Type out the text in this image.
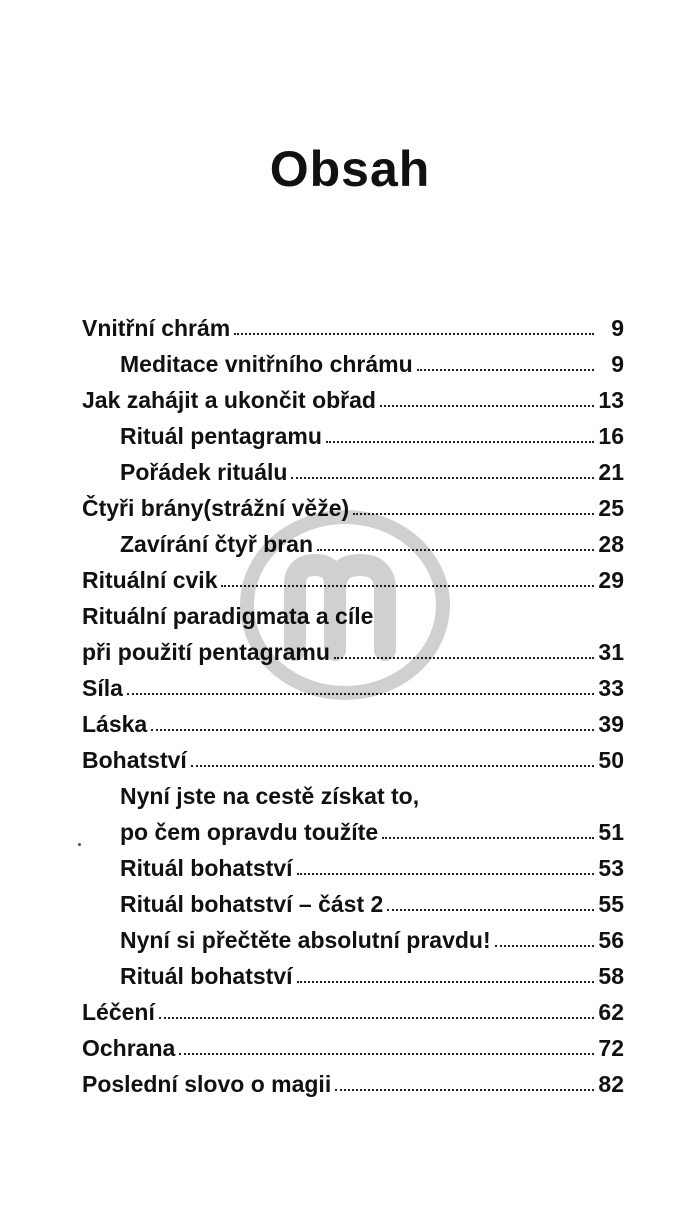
Obsah
Vnitřní chrám	9
Meditace vnitřního chrámu	9
Jak zahájit a ukončit obřad	13
Rituál pentagramu	16
Pořádek rituálu	21
Čtyři brány(strážní věže)	25
Zavírání čtyř bran	28
Rituální cvik	29
Rituální paradigmata a cíle
při použití pentagramu	31
Síla	33
Láska	39
Bohatství	50
Nyní jste na cestě získat to,
po čem opravdu toužíte	51
Rituál bohatství	53
Rituál bohatství – část 2	55
Nyní si přečtěte absolutní pravdu!	56
Rituál bohatství	58
Léčení	62
Ochrana	72
Poslední slovo o magii	82
